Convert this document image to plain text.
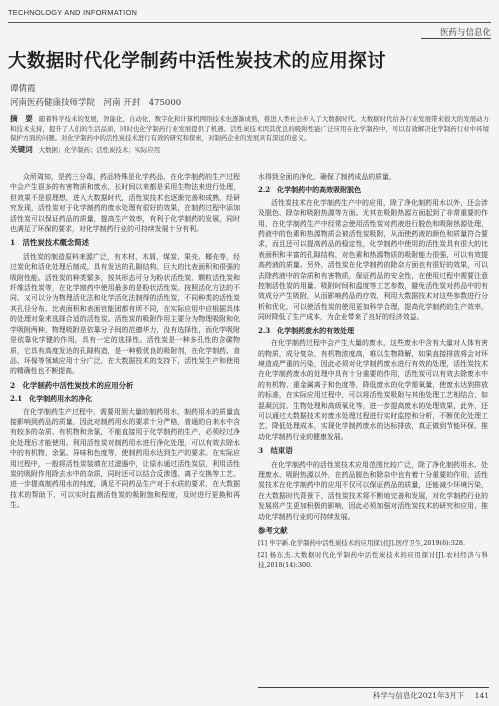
TECHNOLOGY AND INFORMATION
医药与信息化
大数据时代化学制药中活性炭技术的应用探讨
谭倩霞
河南医药健康技师学院　河南 开封　475000
摘　要 随着科学技术的发展，智能化、自动化、数字化和计算机网络技术也逐渐成熟，推进人类社会步入了大数据时代。大数据时代给各行业发展带来很大的发展动力和技术支持，提升了人们的生活品质，同时也化学制药行业发展提供了机遇。活性炭技术因其优良的吸附性能广泛应用在化学制药中，可以有效解决化学制药行业中环境保护方面的问题。对化学制药中的活性炭技术进行有效的研究和探索，对制药企业的发展具有深远的意义。
关键词 大数据；化学制药；活性炭技术；实际应用

众所周知，是药三分毒，药品特殊是化学药品，在化学制药的生产过程中会产生很多的有害物质和废水，长时间以来都是采用生物法来进行处理，但效果不是很理想，进入大数据时代，活性炭技术也逐渐完善和成熟，经研究发现，活性炭对于化学制药的废水处理有很好的效果，在制药过程中添加活性炭可以保证药品的质量，提高生产效率，有利于化学制药的发展，同时也满足了环保的要求，对化学制药行业的可持续发展十分有利。

1　活性炭技术概念简述

活性炭的制造原料来源广泛，有木材、木屑、煤炭、果壳、椰壳等，经过炭化和活化处理后制成，具有发达的孔隙结构、巨大的比表面积和很强的吸附性能。活性炭的种类繁多，按其形态可分为粉状活性炭、颗粒活性炭和纤维活性炭等，在化学制药中使用最多的是粉状活性炭。按照活化方法的不同，又可以分为物理活化法和化学活化法制得的活性炭，不同种类的活性炭其孔径分布、比表面积和表面官能团都有所不同，在实际应用中应根据具体的处理对象来选择合适的活性炭。活性炭的吸附作用主要分为物理吸附和化学吸附两种，物理吸附是依靠分子间的范德华力，没有选择性，而化学吸附是依靠化学键的作用，具有一定的选择性。活性炭是一种多孔性的含碳物质，它具有高度发达的孔隙构造，是一种极优良的吸附剂，在化学制药、食品、环保等领域应用十分广泛，在大数据技术的支持下，活性炭生产和使用的精确性也不断提高。

2　化学制药中活性炭技术的应用分析
2.1　化学制药用水的净化

在化学制药生产过程中，需要用到大量的制药用水，制药用水的质量直接影响到药品的质量，因此对制药用水的要求十分严格，普通的自来水中含有较多的杂质、有机物和余氯，不能直接用于化学制药的生产，必须经过净化处理后才能使用。利用活性炭对制药用水进行净化处理，可以有效去除水中的有机物、余氯、异味和色度等，使制药用水达到生产的要求。在实际应用过程中，一般将活性炭装填在过滤器中，让原水通过活性炭层，利用活性炭的吸附作用除去水中的杂质，同时还可以结合反渗透、离子交换等工艺，进一步提高制药用水的纯度，满足不同药品生产对于水质的要求，在大数据技术的帮助下，可以实时监测活性炭的吸附饱和程度，及时进行更换和再生。

水得到全面的净化，确保了制药成品的质量。

2.2　化学制药中的高效吸附脱色

活性炭技术在化学制药生产中的应用，除了净化制药用水以外，还会涉及脱色、除杂和吸附热源等方面。尤其在吸附热源方面起到了非常重要的作用，在化学制药生产中经常会使用活性炭对药液进行脱色和吸附热源处理，药液中的色素和热源物质会被活性炭吸附，从而使药液的颜色和质量符合要求，而且还可以提高药品的稳定性，化学制药中使用的活性炭具有很大的比表面积和丰富的孔隙结构，对色素和热源物质的吸附能力很强，可以有效提高药液的质量。另外，活性炭在化学制药的除杂方面也有很好的效果，可以去除药液中的杂质和有害物质，保证药品的安全性，在使用过程中需要注意控制活性炭的用量、吸附时间和温度等工艺参数，避免活性炭对药品中的有效成分产生吸附，从而影响药品的疗效，利用大数据技术对这些参数进行分析和优化，可以使活性炭的使用更加科学合理，提高化学制药的生产效率，同时降低了生产成本，为企业带来了良好的经济效益。

2.3　化学制药废水的有效处理

在化学制药过程中会产生大量的废水，这些废水中含有大量对人体有害的物质，成分复杂，有机物浓度高，难以生物降解，如果直接排放将会对环境造成严重的污染，因此必须对化学制药废水进行有效的处理，活性炭技术在化学制药废水的处理中具有十分重要的作用，活性炭可以有效去除废水中的有机物、重金属离子和色度等，降低废水的化学需氧量，使废水达到排放的标准，在实际应用过程中，可以将活性炭吸附与其他处理工艺相结合，如混凝沉淀、生物处理和高级氧化等，进一步提高废水的处理效果，此外，还可以通过大数据技术对废水处理过程进行实时监控和分析，不断优化处理工艺，降低处理成本，实现化学制药废水的达标排放，真正做到节能环保，推动化学制药行业的健康发展。

3　结束语

在化学制药中的活性炭技术应用范围比较广泛，除了净化制药用水、处理废水、吸附热源以外，在药品脱色和除杂中也有着十分重要的作用，活性炭技术在化学制药中的应用不仅可以保证药品的质量，还能减少环境污染，在大数据时代背景下，活性炭技术将不断地完善和发展，对化学制药行业的发展将产生更加积极的影响，因此必须加强对活性炭技术的研究和应用，推动化学制药行业的可持续发展。

参考文献

[1] 毕宇新.化学制药中活性炭技术的应用探讨[J].医疗卫生,2019(6):328.

[2] 杨东杰.大数据时代化学制药中活性炭技术的应用探讨[J].农村经济与科技,2018(14):300.

科学与信息化2021年3月下 141
